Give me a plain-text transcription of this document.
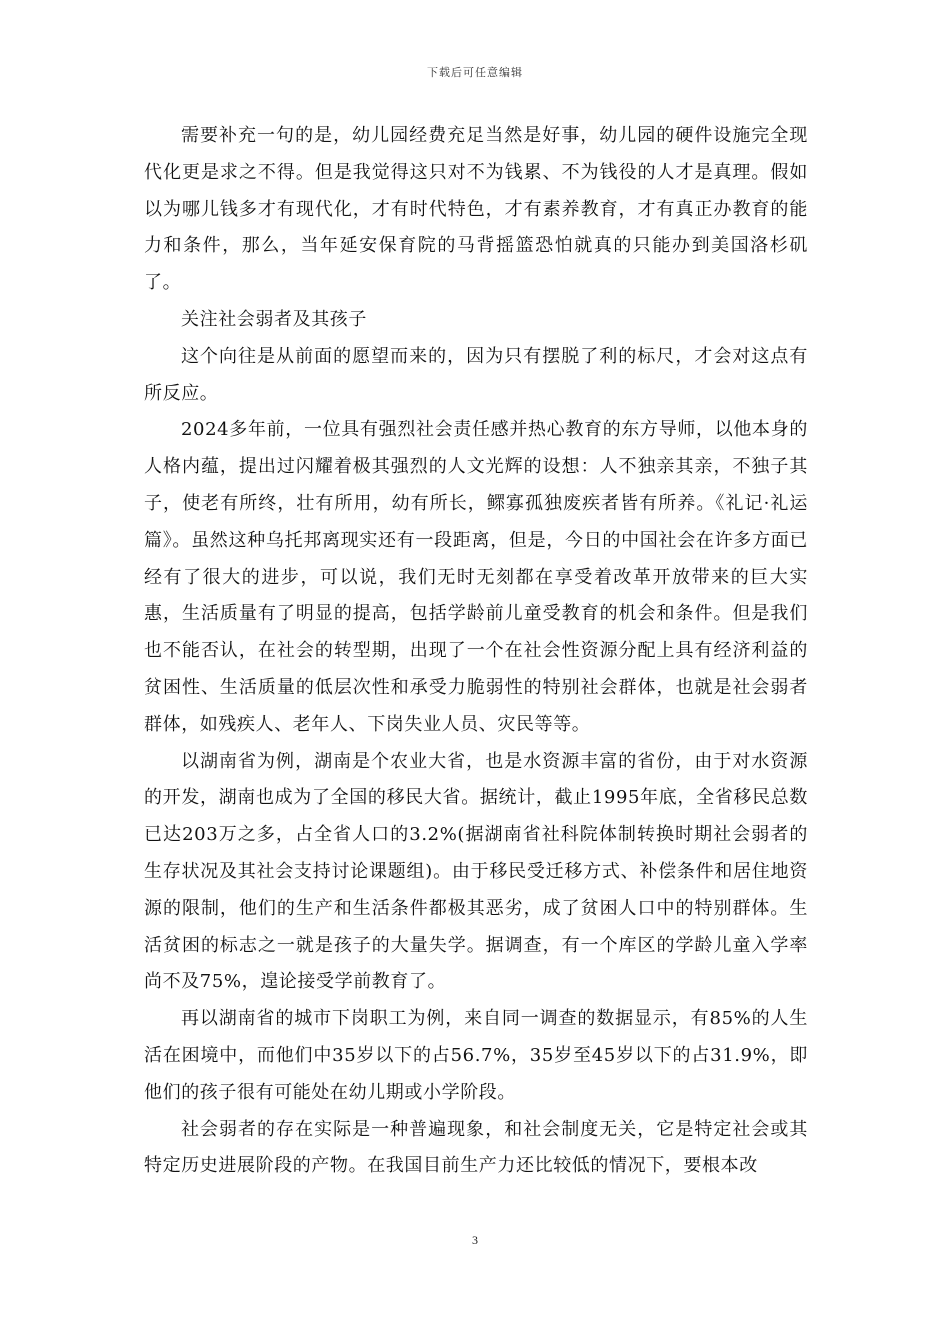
下载后可任意编辑

需要补充一句的是，幼儿园经费充足当然是好事，幼儿园的硬件设施完全现代化更是求之不得。但是我觉得这只对不为钱累、不为钱役的人才是真理。假如以为哪儿钱多才有现代化，才有时代特色，才有素养教育，才有真正办教育的能力和条件，那么，当年延安保育院的马背摇篮恐怕就真的只能办到美国洛杉矶了。

关注社会弱者及其孩子

这个向往是从前面的愿望而来的，因为只有摆脱了利的标尺，才会对这点有所反应。

2024多年前，一位具有强烈社会责任感并热心教育的东方导师，以他本身的人格内蕴，提出过闪耀着极其强烈的人文光辉的设想：人不独亲其亲，不独子其子，使老有所终，壮有所用，幼有所长，鳏寡孤独废疾者皆有所养。《礼记·礼运篇》。虽然这种乌托邦离现实还有一段距离，但是，今日的中国社会在许多方面已经有了很大的进步，可以说，我们无时无刻都在享受着改革开放带来的巨大实惠，生活质量有了明显的提高，包括学龄前儿童受教育的机会和条件。但是我们也不能否认，在社会的转型期，出现了一个在社会性资源分配上具有经济利益的贫困性、生活质量的低层次性和承受力脆弱性的特别社会群体，也就是社会弱者群体，如残疾人、老年人、下岗失业人员、灾民等等。

以湖南省为例，湖南是个农业大省，也是水资源丰富的省份，由于对水资源的开发，湖南也成为了全国的移民大省。据统计，截止1995年底，全省移民总数已达203万之多，占全省人口的3.2%(据湖南省社科院体制转换时期社会弱者的生存状况及其社会支持讨论课题组)。由于移民受迁移方式、补偿条件和居住地资源的限制，他们的生产和生活条件都极其恶劣，成了贫困人口中的特别群体。生活贫困的标志之一就是孩子的大量失学。据调查，有一个库区的学龄儿童入学率尚不及75%，遑论接受学前教育了。

再以湖南省的城市下岗职工为例，来自同一调查的数据显示，有85%的人生活在困境中，而他们中35岁以下的占56.7%，35岁至45岁以下的占31.9%，即他们的孩子很有可能处在幼儿期或小学阶段。

社会弱者的存在实际是一种普遍现象，和社会制度无关，它是特定社会或其特定历史进展阶段的产物。在我国目前生产力还比较低的情况下，要根本改

3
